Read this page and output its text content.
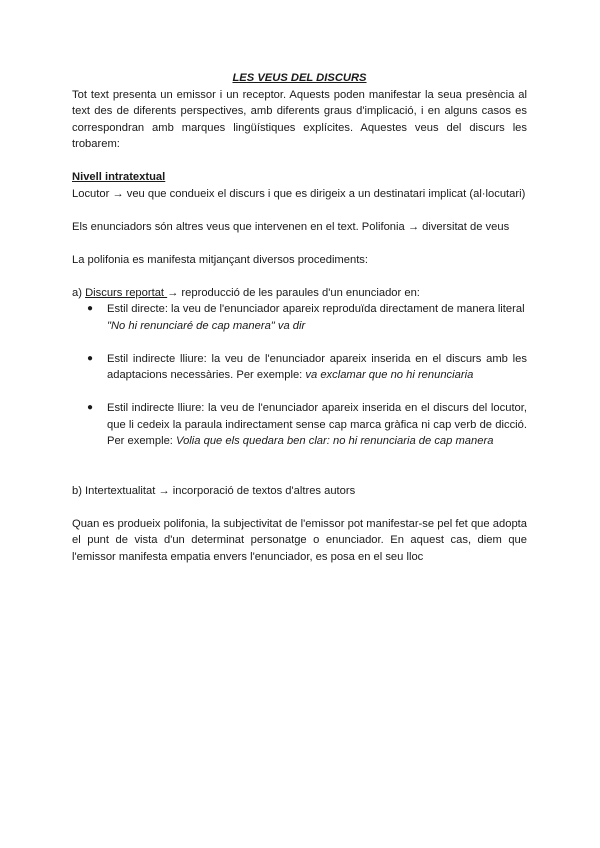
LES VEUS DEL DISCURS

Tot text presenta un emissor i un receptor. Aquests poden manifestar la seua presència al text des de diferents perspectives, amb diferents graus d'implicació, i en alguns casos es correspondran amb marques lingüístiques explícites. Aquestes veus del discurs les trobarem:

Nivell intratextual

Locutor → veu que condueix el discurs i que es dirigeix a un destinatari implicat (al·locutari)

Els enunciadors són altres veus que intervenen en el text. Polifonia → diversitat de veus

La polifonia es manifesta mitjançant diversos procediments:

a) Discurs reportat → reproducció de les paraules d'un enunciador en:

● Estil directe: la veu de l'enunciador apareix reproduïda directament de manera literal
"No hi renunciaré de cap manera" va dir
● Estil indirecte lliure: la veu de l'enunciador apareix inserida en el discurs amb les adaptacions necessàries. Per exemple: va exclamar que no hi renunciaria
● Estil indirecte lliure: la veu de l'enunciador apareix inserida en el discurs del locutor, que li cedeix la paraula indirectament sense cap marca gràfica ni cap verb de dicció. Per exemple: Volia que els quedara ben clar: no hi renunciaria de cap manera

b) Intertextualitat → incorporació de textos d'altres autors

Quan es produeix polifonia, la subjectivitat de l'emissor pot manifestar-se pel fet que adopta el punt de vista d'un determinat personatge o enunciador. En aquest cas, diem que l'emissor manifesta empatia envers l'enunciador, es posa en el seu lloc
